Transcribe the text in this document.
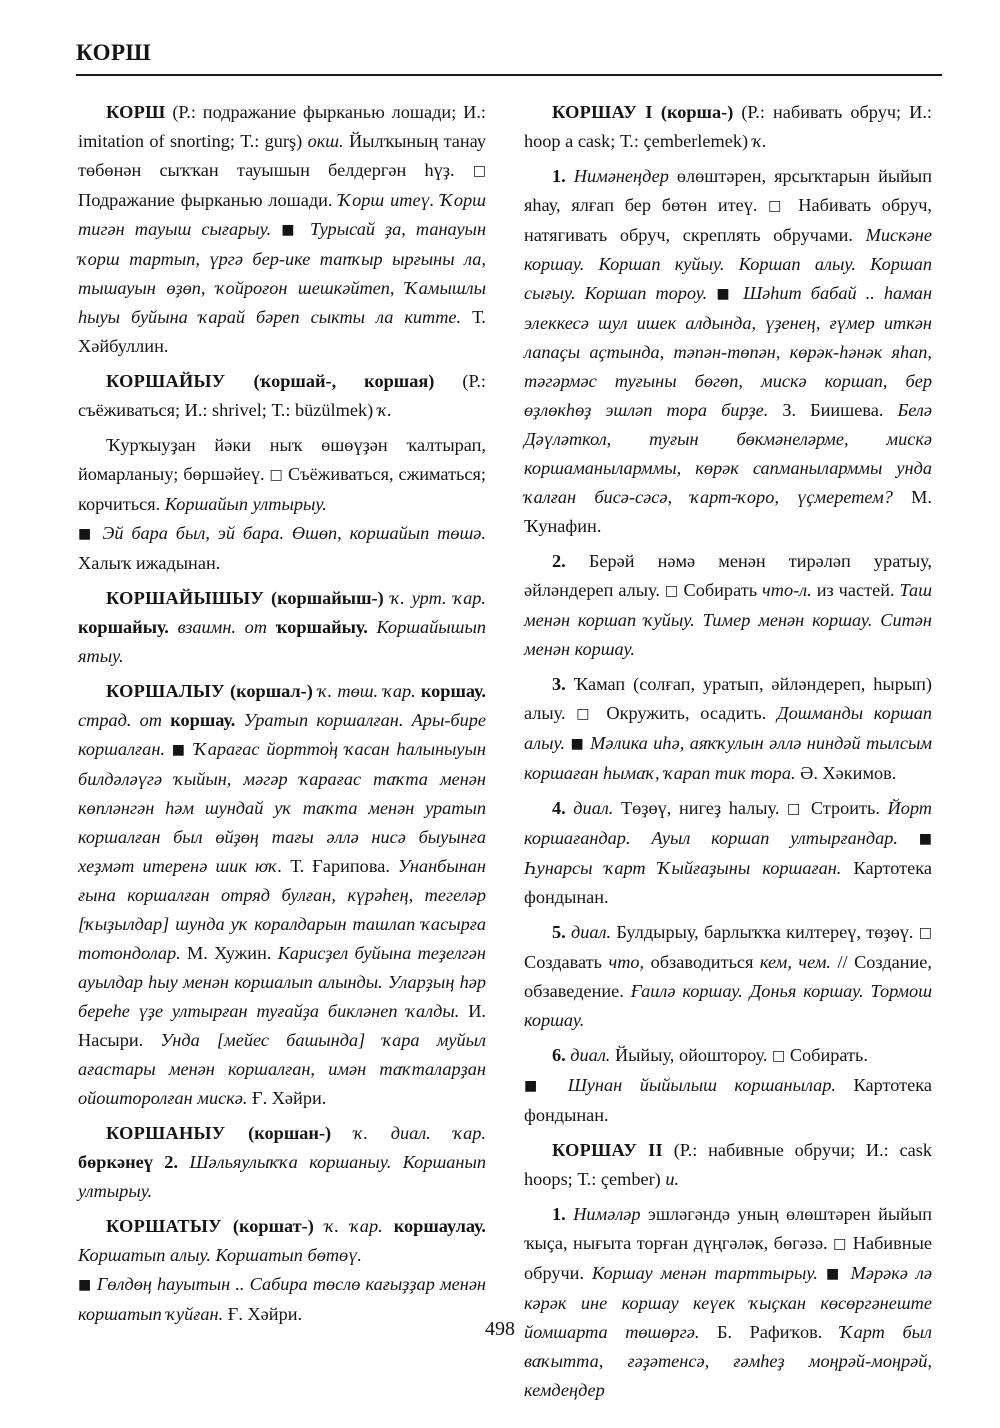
КОРШ

КОРШ (Р.: подражание фырканью лошади; И.: imitation of snorting; Т.: gurş) окш. Йылҡының танау төбөнән сыҡҡан тауышын белдергән һүҙ. □ Подражание фырканью лошади. Ҡорш итеү. Ҡорш тигән тауыш сығарыу. ■ Турысай ҙа, танауын ҡорш тартып, үргә бер-ике тапҡыр ырғыны ла, тышауын өҙөп, ҡойроғон шешкәйтеп, Ҡамышлы һыуы буйына ҡарай бәреп сыкты ла китте. Т. Хәйбуллин.

КОРШАЙЫУ (ҡоршай-, коршая) (Р.: съёживаться; И.: shrivel; Т.: büzülmek) ҡ.

Ҡурҡыуҙан йәки ныҡ өшөүҙән ҡалтырап, йомарланыу; бөршәйеү. □ Съёживаться, сжиматься; корчиться. Коршайып ултырыу.
■ Эй бара был, эй бара. Өшөп, коршайып төшә. Халыҡ ижадынан.

КОРШАЙЫШЫУ (коршайыш-) ҡ. урт. ҡар. коршайыу. взаимн. от ҡоршайыу. Коршайышып ятыу.

КОРШАЛЫУ (коршал-) ҡ. төш. ҡар. коршау. страд. от коршау. Уратып коршалған. Ары-бире коршалған. ■ Ҡарағас йортто҅ң ҡасан һалыныуын билдәләүгә ҡыйын, мәгәр ҡарағас таҡта менән көпләнгән һәм шундай уҡ таҡта менән уратып коршалған был өйҙөң тағы әллә нисә быуынға хеҙмәт итеренә шик юҡ. Т. Ғарипова. Унанбынан ғына коршалған отряд булған, күрәһең, тегеләр [ҡыҙылдар] шунда уҡ коралдарын ташлап ҡасырға тотондолар. М. Хужин. Карисҙел буйына теҙелгән ауылдар һыу менән коршалып алынды. Уларҙың һәр береһе үҙе ултырған туғайҙа бикләнеп ҡалды. И. Насыри. Унда [мейес башында] ҡара муйыл ағастары менән коршалған, имән таҡталарҙан ойошторолған мискә. Ғ. Хәйри.

КОРШАНЫУ (коршан-) ҡ. диал. ҡар. бөркәнеү 2. Шәльяулыҡҡа коршаныу. Коршанып ултырыу.

КОРШАТЫУ (коршат-) ҡ. ҡар. коршаулау. Коршатып алыу. Коршатып бөтөү.
■ Гөлдөң һауытын .. Сабира төслө кағыҙҙар менән коршатып ҡуйған. Ғ. Хәйри.

КОРШАУ I (корша-) (Р.: набивать обруч; И.: hoop a cask; Т.: çemberlemek) ҡ.

1. Нимәнеңдер өлөштәрен, ярсыҡтарын йыйып яһау, ялғап бер бөтөн итеү. □ Набивать обруч, натягивать обруч, скреплять обручами. Мискәне коршау. Коршап куйыу. Коршап алыу. Коршап сығыу. Коршап тороу. ■ Шәһит бабай .. һаман элеккесә шул ишек алдында, үҙенең, ғүмер иткән лапаҫы аҫтында, тәпән-төпән, көрәк-һәнәк яһап, тәгәрмәс туғыны бөгөп, мискә коршап, бер өҙлөкһөҙ эшләп тора бирҙе. З. Биишева. Белә Дәүләткол, туғын бөкмәнеләрме, мискә коршаманыларммы, көрәк сапманыларммы унда ҡалған бисә-сәсә, ҡарт-ҡоро, үҫмеретем? М. Ҡунафин.

2. Берәй нәмә менән тирәләп уратыу, әйләндереп алыу. □ Собирать что-л. из частей. Таш менән коршап ҡуйыу. Тимер менән коршау. Ситән менән коршау.

3. Ҡамап (солғап, уратып, әйләндереп, һырып) алыу. □ Окружить, осадить. Дошманды коршап алыу. ■ Мәлика иһә, аяҡҡулын әллә ниндәй тылсым коршаған һымаҡ, ҡарап тик тора. Ә. Хәкимов.

4. диал. Төҙөү, нигеҙ һалыу. □ Строить. Йорт коршағандар. Ауыл коршап ултырғандар. ■ Һунарсы ҡарт Ҡыйғаҙыны коршаған. Картотека фондынан.

5. диал. Булдырыу, барлыҡҡа килтереү, төҙөү. □ Создавать что, обзаводиться кем, чем. // Создание, обзаведение. Ғаилә коршау. Донья коршау. Тормош коршау.

6. диал. Йыйыу, ойоштороу. □ Собирать.
■ Шунан йыйылыш коршанылар. Картотека фондынан.

КОРШАУ II (Р.: набивные обручи; И.: cask hoops; Т.: çember) и.

1. Нимәләр эшләгәндә уның өлөштәрен йыйып ҡыҫа, нығыта торған дүңгәләк, бөгәзә. □ Набивные обручи. Коршау менән тарттырыу. ■ Мәрәкә лә кәрәк ине коршау кеүек ҡыҫкан көсөргәнеште йомшарта төшөргә. Б. Рафиҡов. Ҡарт был ваҡытта, ғәҙәтенсә, ғәмһеҙ моңрәй-моңрәй, кемдеңдер

498
